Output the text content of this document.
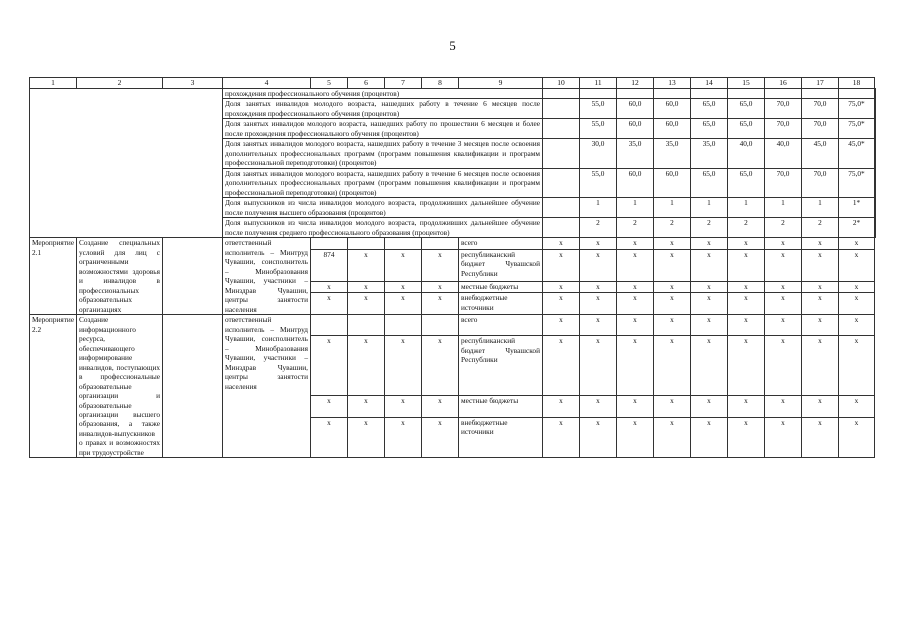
5
1	2	3	4	5	6	7	8	9	10	11	12	13	14	15	16	17	18	
			прохождения профессионального обучения (процентов)															
			Доля занятых инвалидов молодого возраста, нашедших работу в течение 6 месяцев после прохождения профессионального обучения (процентов)							55,0	60,0	60,0	65,0	65,0	70,0	70,0	75,0*	
			Доля занятых инвалидов молодого возраста, нашедших работу по прошествии 6 месяцев и более после прохождения профессионального обучения (процентов)							55,0	60,0	60,0	65,0	65,0	70,0	70,0	75,0*	
			Доля занятых инвалидов молодого возраста, нашедших работу в течение 3 месяцев после освоения дополнительных профессиональных программ (программ повышения квалификации и программ профессиональной переподготовки) (процентов)							30,0	35,0	35,0	35,0	40,0	40,0	45,0	45,0*	
			Доля занятых инвалидов молодого возраста, нашедших работу в течение 6 месяцев после освоения дополнительных профессиональных программ (программ повышения квалификации и программ профессиональной переподготовки) (процентов)							55,0	60,0	60,0	65,0	65,0	70,0	70,0	75,0*	
			Доля выпускников из числа инвалидов молодого возраста, продолживших дальнейшее обучение после получения высшего образования (процентов)							1	1	1	1	1	1	1	1*	
			Доля выпускников из числа инвалидов молодого возраста, продолживших дальнейшее обучение после получения среднего профессионального образования (процентов)							2	2	2	2	2	2	2	2*	
Мероприятие 2.1	Создание специальных условий для лиц с ограниченными возможностями здоровья и инвалидов в профессиональных образовательных организациях		ответственный исполнитель – Минтруд Чувашии, соисполнитель – Минобразования Чувашии, участники – Минздрав Чувашии, центры занятости населения					всего	x	x	x	x	x	x	x	x	x	
				874	x	x	x	республиканский бюджет Чувашской Республики	x	x	x	x	x	x	x	x	x	
				x	x	x	x	местные бюджеты	x	x	x	x	x	x	x	x	x	
				x	x	x	x	внебюджетные источники	x	x	x	x	x	x	x	x	x	
Мероприятие 2.2	Создание информационного ресурса, обеспечивающего информирование инвалидов, поступающих в профессиональные образовательные организации и образовательные организации высшего образования, а также инвалидов-выпускников о правах и возможностях при трудоустройстве		ответственный исполнитель – Минтруд Чувашии, соисполнитель – Минобразования Чувашии, участники – Минздрав Чувашии, центры занятости населения					всего	x	x	x	x	x	x	x	x	x	
				x	x	x	x	республиканский бюджет Чувашской Республики	x	x	x	x	x	x	x	x	x	
				x	x	x	x	местные бюджеты	x	x	x	x	x	x	x	x	x	
				x	x	x	x	внебюджетные источники	x	x	x	x	x	x	x	x	x	
